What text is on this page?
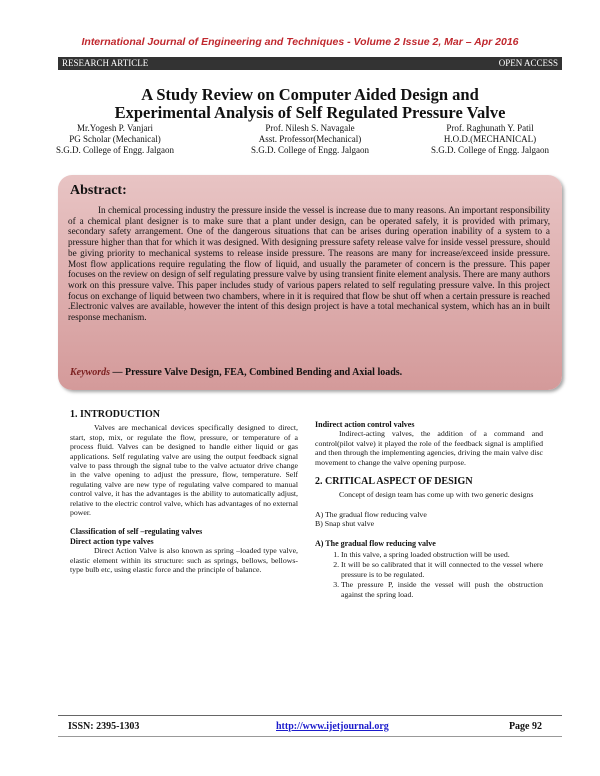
International Journal of Engineering and Techniques - Volume 2 Issue 2, Mar – Apr 2016
RESEARCH ARTICLE	OPEN ACCESS
A Study Review on Computer Aided Design and
Experimental Analysis of Self Regulated Pressure Valve
Mr.Yogesh P. Vanjari
PG Scholar (Mechanical)
S.G.D. College of Engg. Jalgaon
Prof. Nilesh S. Navagale
Asst. Professor(Mechanical)
S.G.D. College of Engg. Jalgaon
Prof. Raghunath Y. Patil
H.O.D.(MECHANICAL)
S.G.D. College of Engg. Jalgaon
Abstract:
In chemical processing industry the pressure inside the vessel is increase due to many reasons. An important responsibility of a chemical plant designer is to make sure that a plant under design, can be operated safely, it is provided with primary, secondary safety arrangement. One of the dangerous situations that can be arises during operation inability of a system to a pressure higher than that for which it was designed. With designing pressure safety release valve for inside vessel pressure, should be giving priority to mechanical systems to release inside pressure. The reasons are many for increase/exceed inside pressure. Most flow applications require regulating the flow of liquid, and usually the parameter of concern is the pressure. This paper focuses on the review on design of self regulating pressure valve by using transient finite element analysis. There are many authors work on this pressure valve. This paper includes study of various papers related to self regulating pressure valve. In this project focus on exchange of liquid between two chambers, where in it is required that flow be shut off when a certain pressure is reached .Electronic valves are available, however the intent of this design project is have a total mechanical system, which has an in built response mechanism.
Keywords — Pressure Valve Design, FEA, Combined Bending and Axial loads.
1. INTRODUCTION

Valves are mechanical devices specifically designed to direct, start, stop, mix, or regulate the flow, pressure, or temperature of a process fluid. Valves can be designed to handle either liquid or gas applications. Self regulating valve are using the output feedback signal valve to pass through the signal tube to the valve actuator drive change in the valve opening to adjust the pressure, flow, temperature. Self regulating valve are new type of regulating valve compared to manual control valve, it has the advantages is the ability to automatically adjust, relative to the electric control valve, which has advantages of no external power.

Classification of self –regulating valves

Direct action type valves

Direct Action Valve is also known as spring –loaded type valve, elastic element within its structure: such as springs, bellows, bellows-type bulb etc, using elastic force and the principle of balance.

Indirect action control valves

Indirect-acting valves, the addition of a command and control(pilot valve) it played the role of the feedback signal is amplified and then through the implementing agencies, driving the main valve disc movement to change the valve opening purpose.

2. CRITICAL ASPECT OF DESIGN

Concept of design team has come up with two generic designs

A) The gradual flow reducing valve

B) Snap shut valve

A) The gradual flow reducing valve

1. In this valve, a spring loaded obstruction will be used.
2. It will be so calibrated that it will connected to the vessel where pressure is to be regulated.
3. The pressure P, inside the vessel will push the obstruction against the spring load.
ISSN: 2395-1303	http://www.ijetjournal.org	Page 92
